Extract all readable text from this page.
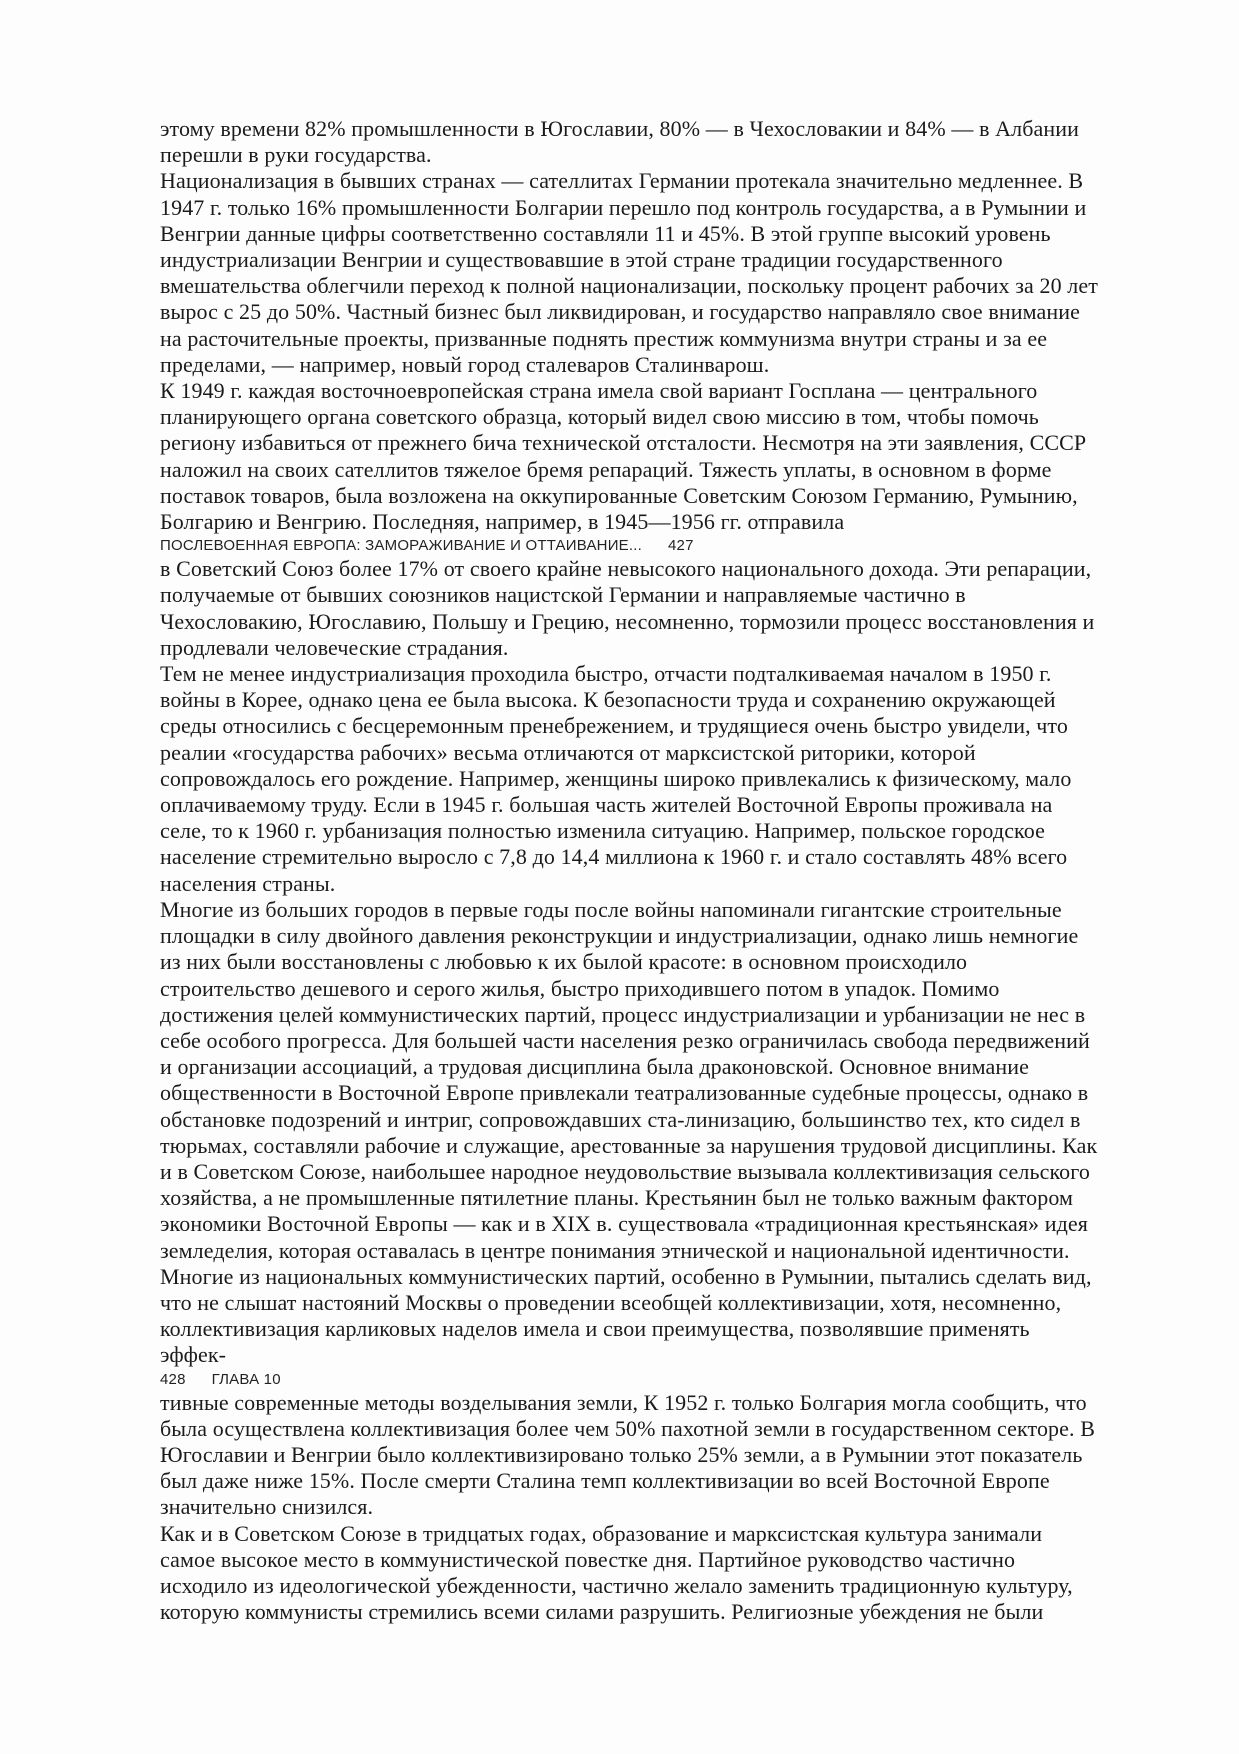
этому времени 82% промышленности в Югославии, 80% — в Чехословакии и 84% — в Албании
перешли в руки государства.
Национализация в бывших странах — сателлитах Германии протекала значительно медленнее. В
1947 г. только 16% промышленности Болгарии перешло под контроль государства, а в Румынии и
Венгрии данные цифры соответственно составляли 11 и 45%. В этой группе высокий уровень
индустриализации Венгрии и существовавшие в этой стране традиции государственного
вмешательства облегчили переход к полной национализации, поскольку процент рабочих за 20 лет
вырос с 25 до 50%. Частный бизнес был ликвидирован, и государство направляло свое внимание
на расточительные проекты, призванные поднять престиж коммунизма внутри страны и за ее
пределами, — например, новый город сталеваров Сталинварош.
К 1949 г. каждая восточноевропейская страна имела свой вариант Госплана — центрального
планирующего органа советского образца, который видел свою миссию в том, чтобы помочь
региону избавиться от прежнего бича технической отсталости. Несмотря на эти заявления, СССР
наложил на своих сателлитов тяжелое бремя репараций. Тяжесть уплаты, в основном в форме
поставок товаров, была возложена на оккупированные Советским Союзом Германию, Румынию,
Болгарию и Венгрию. Последняя, например, в 1945—1956 гг. отправила
ПОСЛЕВОЕННАЯ ЕВРОПА: ЗАМОРАЖИВАНИЕ И ОТТАИВАНИЕ... 427
в Советский Союз более 17% от своего крайне невысокого национального дохода. Эти репарации,
получаемые от бывших союзников нацистской Германии и направляемые частично в
Чехословакию, Югославию, Польшу и Грецию, несомненно, тормозили процесс восстановления и
продлевали человеческие страдания.
Тем не менее индустриализация проходила быстро, отчасти подталкиваемая началом в 1950 г.
войны в Корее, однако цена ее была высока. К безопасности труда и сохранению окружающей
среды относились с бесцеремонным пренебрежением, и трудящиеся очень быстро увидели, что
реалии «государства рабочих» весьма отличаются от марксистской риторики, которой
сопровождалось его рождение. Например, женщины широко привлекались к физическому, мало
оплачиваемому труду. Если в 1945 г. большая часть жителей Восточной Европы проживала на
селе, то к 1960 г. урбанизация полностью изменила ситуацию. Например, польское городское
население стремительно выросло с 7,8 до 14,4 миллиона к 1960 г. и стало составлять 48% всего
населения страны.
Многие из больших городов в первые годы после войны напоминали гигантские строительные
площадки в силу двойного давления реконструкции и индустриализации, однако лишь немногие
из них были восстановлены с любовью к их былой красоте: в основном происходило
строительство дешевого и серого жилья, быстро приходившего потом в упадок. Помимо
достижения целей коммунистических партий, процесс индустриализации и урбанизации не нес в
себе особого прогресса. Для большей части населения резко ограничилась свобода передвижений
и организации ассоциаций, а трудовая дисциплина была драконовской. Основное внимание
общественности в Восточной Европе привлекали театрализованные судебные процессы, однако в
обстановке подозрений и интриг, сопровождавших ста-линизацию, большинство тех, кто сидел в
тюрьмах, составляли рабочие и служащие, арестованные за нарушения трудовой дисциплины. Как
и в Советском Союзе, наибольшее народное неудовольствие вызывала коллективизация сельского
хозяйства, а не промышленные пятилетние планы. Крестьянин был не только важным фактором
экономики Восточной Европы — как и в XIX в. существовала «традиционная крестьянская» идея
земледелия, которая оставалась в центре понимания этнической и национальной идентичности.
Многие из национальных коммунистических партий, особенно в Румынии, пытались сделать вид,
что не слышат настояний Москвы о проведении всеобщей коллективизации, хотя, несомненно,
коллективизация карликовых наделов имела и свои преимущества, позволявшие применять
эффек-
428 ГЛАВА 10
тивные современные методы возделывания земли, К 1952 г. только Болгария могла сообщить, что
была осуществлена коллективизация более чем 50% пахотной земли в государственном секторе. В
Югославии и Венгрии было коллективизировано только 25% земли, а в Румынии этот показатель
был даже ниже 15%. После смерти Сталина темп коллективизации во всей Восточной Европе
значительно снизился.
Как и в Советском Союзе в тридцатых годах, образование и марксистская культура занимали
самое высокое место в коммунистической повестке дня. Партийное руководство частично
исходило из идеологической убежденности, частично желало заменить традиционную культуру,
которую коммунисты стремились всеми силами разрушить. Религиозные убеждения не были
